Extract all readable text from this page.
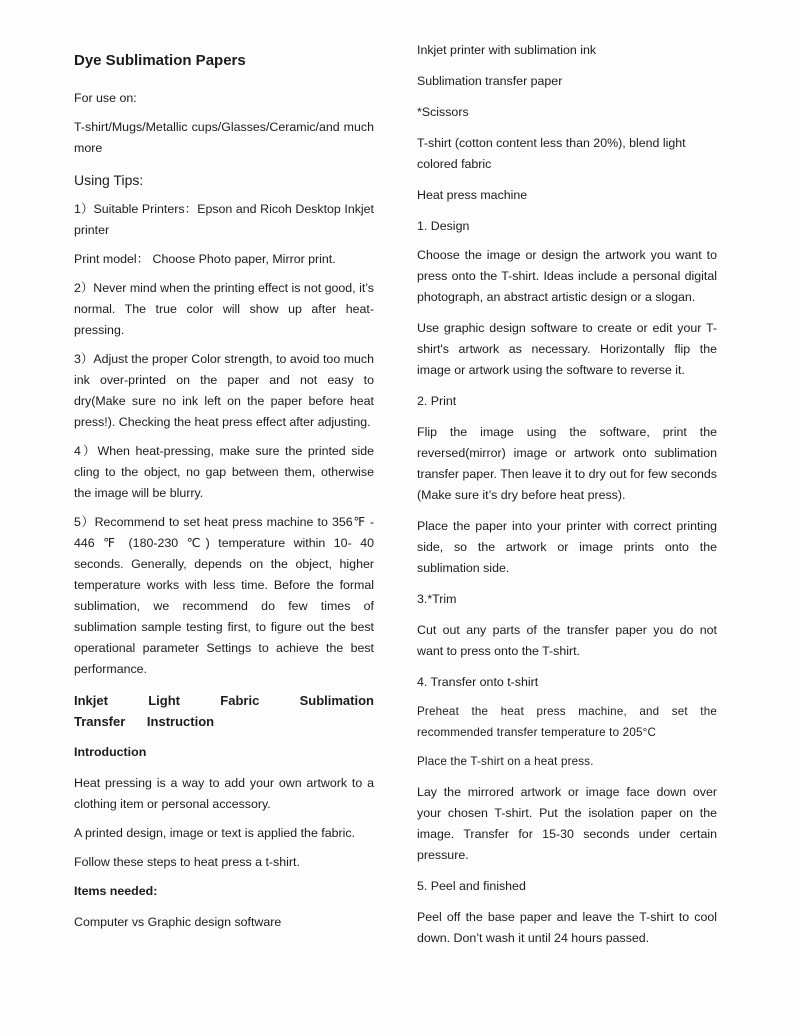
Dye Sublimation Papers

For use on:

T-shirt/Mugs/Metallic cups/Glasses/Ceramic/and much more

Using Tips:

1）Suitable Printers：Epson and Ricoh Desktop Inkjet printer

Print model： Choose Photo paper, Mirror print.

2）Never mind when the printing effect is not good, it’s normal. The true color will show up after heat-pressing.

3）Adjust the proper Color strength, to avoid too much ink over-printed on the paper and not easy to dry(Make sure no ink left on the paper before heat press!). Checking the heat press effect after adjusting.

4）When heat-pressing, make sure the printed side cling to the object, no gap between them, otherwise the image will be blurry.

5）Recommend to set heat press machine to 356℉ - 446 ℉ (180-230 ℃) temperature within 10- 40 seconds. Generally, depends on the object, higher temperature works with less time. Before the formal sublimation, we recommend do few times of sublimation sample testing first, to figure out the best operational parameter Settings to achieve the best performance.

Inkjet Light Fabric Sublimation Transfer Instruction

Introduction

Heat pressing is a way to add your own artwork to a clothing item or personal accessory.

A printed design, image or text is applied the fabric.

Follow these steps to heat press a t-shirt.

Items needed:

Computer vs Graphic design software

Inkjet printer with sublimation ink

Sublimation transfer paper

*Scissors

T-shirt (cotton content less than 20%), blend light colored fabric

Heat press machine

1. Design

Choose the image or design the artwork you want to press onto the T-shirt. Ideas include a personal digital photograph, an abstract artistic design or a slogan.

Use graphic design software to create or edit your T-shirt's artwork as necessary. Horizontally flip the image or artwork using the software to reverse it.

2. Print

Flip the image using the software, print the reversed(mirror) image or artwork onto sublimation transfer paper. Then leave it to dry out for few seconds (Make sure it’s dry before heat press).

Place the paper into your printer with correct printing side, so the artwork or image prints onto the sublimation side.

3.*Trim

Cut out any parts of the transfer paper you do not want to press onto the T-shirt.

4. Transfer onto t-shirt

Preheat the heat press machine, and set the recommended transfer temperature to 205°C

Place the T-shirt on a heat press.

Lay the mirrored artwork or image face down over your chosen T-shirt. Put the isolation paper on the image. Transfer for 15-30 seconds under certain pressure.

5. Peel and finished

Peel off the base paper and leave the T-shirt to cool down. Don’t wash it until 24 hours passed.
